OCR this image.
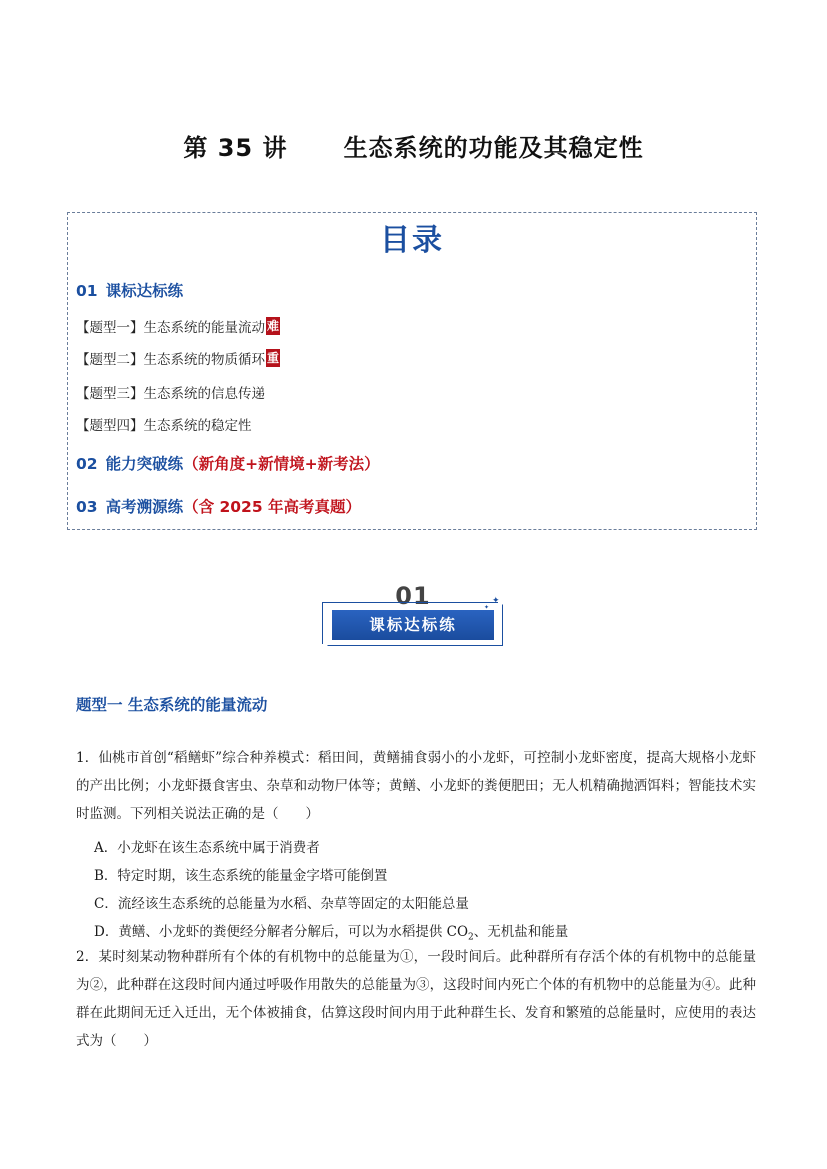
第 35 讲      生态系统的功能及其稳定性
目录
01 课标达标练
【题型一】生态系统的能量流动 难
【题型二】生态系统的物质循环 重
【题型三】生态系统的信息传递
【题型四】生态系统的稳定性
02 能力突破练（新角度+新情境+新考法）
03 高考溯源练（含 2025 年高考真题）
01
课标达标练
✦
✦
题型一 生态系统的能量流动
1．仙桃市首创“稻鳝虾”综合种养模式：稻田间，黄鳝捕食弱小的小龙虾，可控制小龙虾密度，提高大规格小龙虾的产出比例；小龙虾摄食害虫、杂草和动物尸体等；黄鳝、小龙虾的粪便肥田；无人机精确抛洒饵料；智能技术实时监测。下列相关说法正确的是（　　）
A．小龙虾在该生态系统中属于消费者
B．特定时期，该生态系统的能量金字塔可能倒置
C．流经该生态系统的总能量为水稻、杂草等固定的太阳能总量
D．黄鳝、小龙虾的粪便经分解者分解后，可以为水稻提供 $CO_2$、无机盐和能量
2．某时刻某动物种群所有个体的有机物中的总能量为①，一段时间后。此种群所有存活个体的有机物中的总能量为②，此种群在这段时间内通过呼吸作用散失的总能量为③，这段时间内死亡个体的有机物中的总能量为④。此种群在此期间无迁入迁出，无个体被捕食，估算这段时间内用于此种群生长、发育和繁殖的总能量时，应使用的表达式为（　　）
